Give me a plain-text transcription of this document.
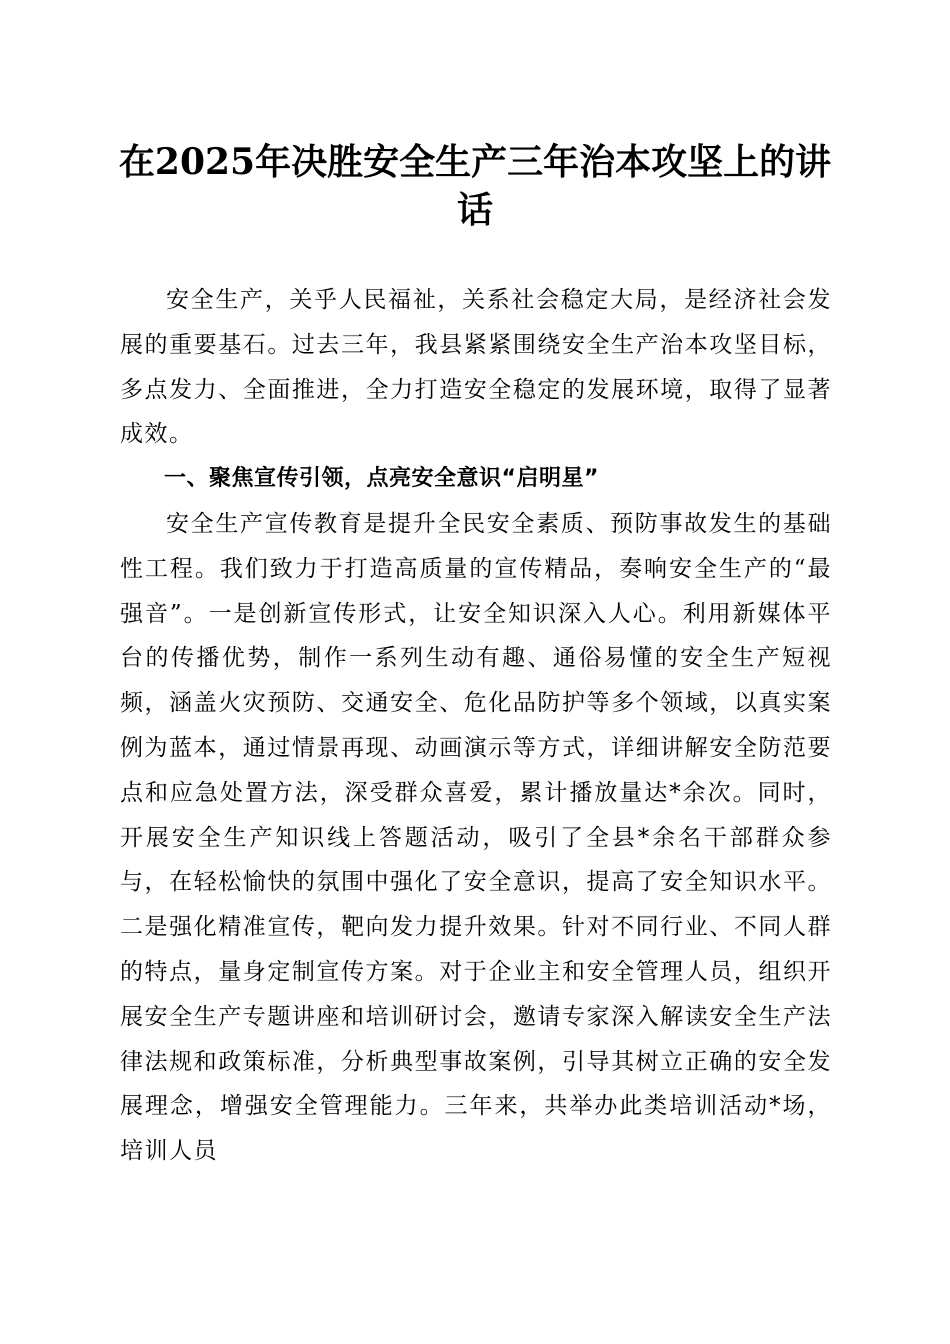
在2025年决胜安全生产三年治本攻坚上的讲
话

安全生产，关乎人民福祉，关系社会稳定大局，是经济社会发展的重要基石。过去三年，我县紧紧围绕安全生产治本攻坚目标，多点发力、全面推进，全力打造安全稳定的发展环境，取得了显著成效。

一、聚焦宣传引领，点亮安全意识“启明星”

安全生产宣传教育是提升全民安全素质、预防事故发生的基础性工程。我们致力于打造高质量的宣传精品，奏响安全生产的“最强音”。一是创新宣传形式，让安全知识深入人心。利用新媒体平台的传播优势，制作一系列生动有趣、通俗易懂的安全生产短视频，涵盖火灾预防、交通安全、危化品防护等多个领域，以真实案例为蓝本，通过情景再现、动画演示等方式，详细讲解安全防范要点和应急处置方法，深受群众喜爱，累计播放量达*余次。同时，开展安全生产知识线上答题活动，吸引了全县*余名干部群众参与，在轻松愉快的氛围中强化了安全意识，提高了安全知识水平。二是强化精准宣传，靶向发力提升效果。针对不同行业、不同人群的特点，量身定制宣传方案。对于企业主和安全管理人员，组织开展安全生产专题讲座和培训研讨会，邀请专家深入解读安全生产法律法规和政策标准，分析典型事故案例，引导其树立正确的安全发展理念，增强安全管理能力。三年来，共举办此类培训活动*场，培训人员
